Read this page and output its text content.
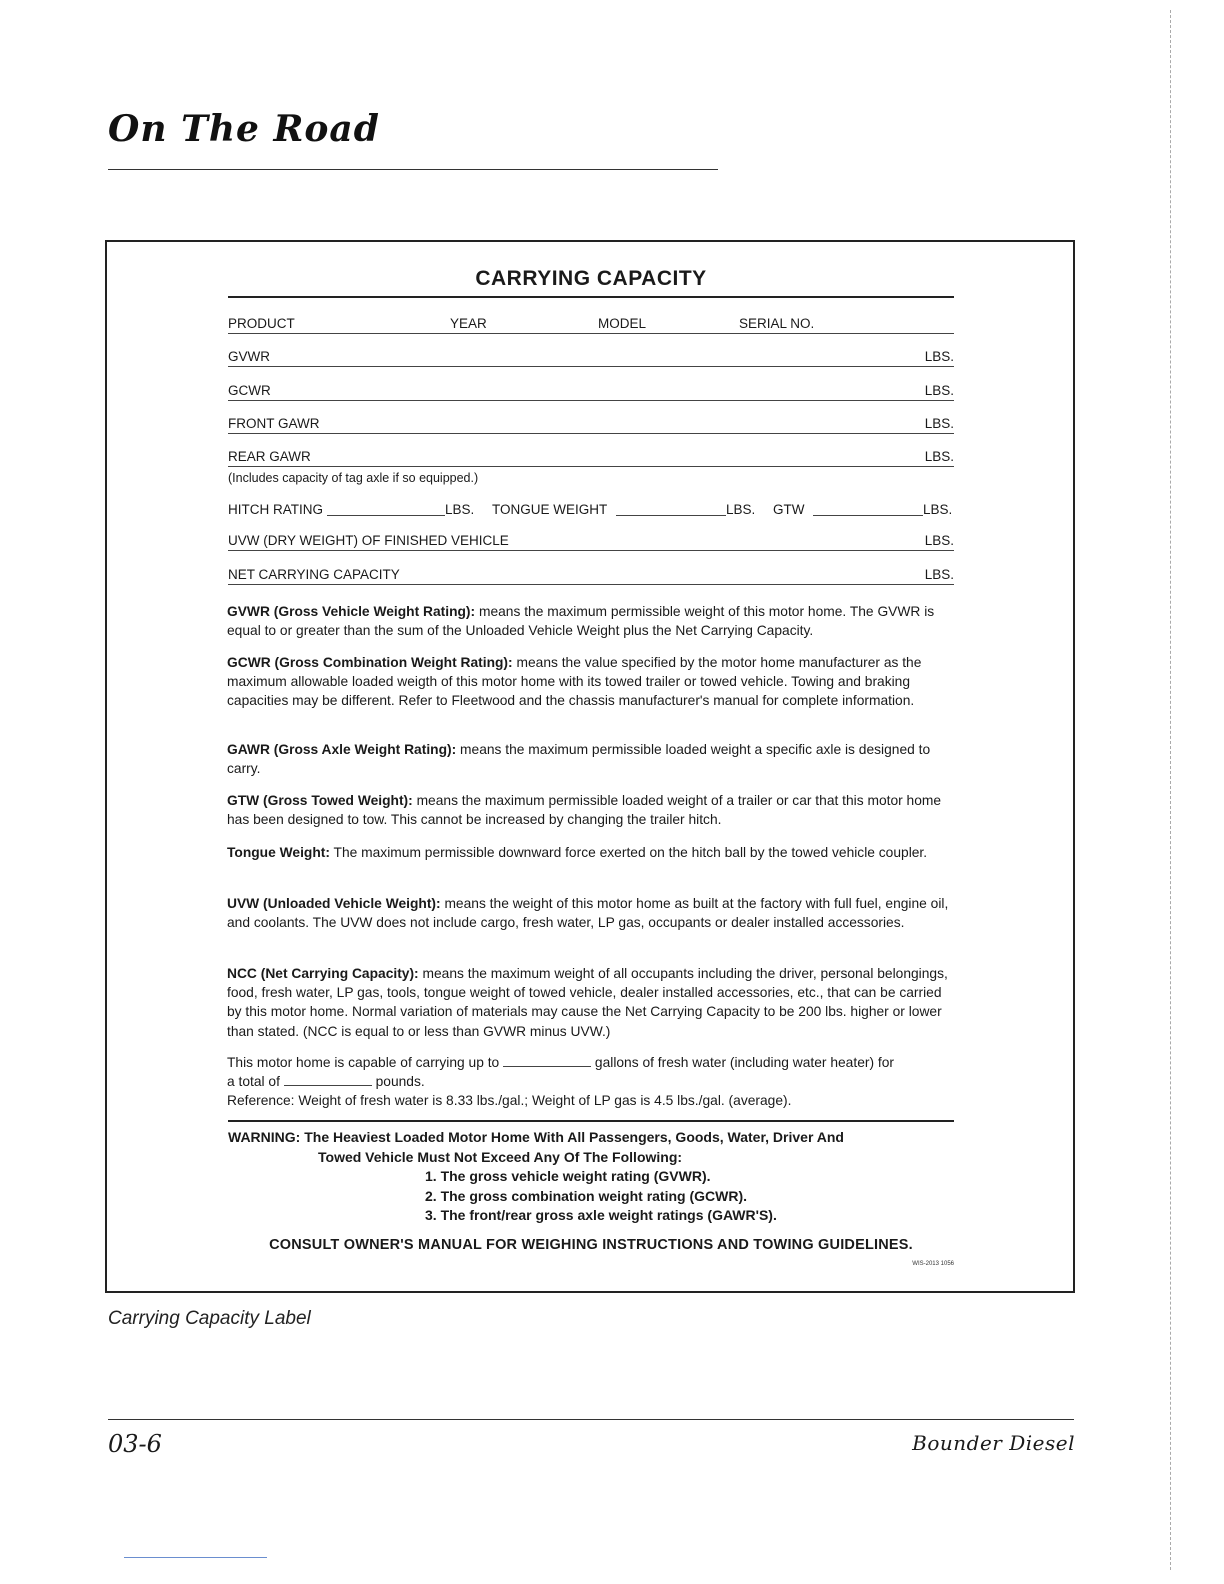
On The Road
CARRYING CAPACITY
PRODUCT	YEAR	MODEL	SERIAL NO.
GVWR	LBS.
GCWR	LBS.
FRONT GAWR	LBS.
REAR GAWR	LBS.
(Includes capacity of tag axle if so equipped.)
HITCH RATING	LBS. TONGUE WEIGHT	LBS. GTW	LBS.
UVW (DRY WEIGHT) OF FINISHED VEHICLE	LBS.
NET CARRYING CAPACITY	LBS.
GVWR (Gross Vehicle Weight Rating): means the maximum permissible weight of this motor home. The GVWR is equal to or greater than the sum of the Unloaded Vehicle Weight plus the Net Carrying Capacity.
GCWR (Gross Combination Weight Rating): means the value specified by the motor home manufacturer as the maximum allowable loaded weigth of this motor home with its towed trailer or towed vehicle. Towing and braking capacities may be different. Refer to Fleetwood and the chassis manufacturer's manual for complete information.
GAWR (Gross Axle Weight Rating): means the maximum permissible loaded weight a specific axle is designed to carry.
GTW (Gross Towed Weight): means the maximum permissible loaded weight of a trailer or car that this motor home has been designed to tow. This cannot be increased by changing the trailer hitch.
Tongue Weight: The maximum permissible downward force exerted on the hitch ball by the towed vehicle coupler.
UVW (Unloaded Vehicle Weight): means the weight of this motor home as built at the factory with full fuel, engine oil, and coolants. The UVW does not include cargo, fresh water, LP gas, occupants or dealer installed accessories.
NCC (Net Carrying Capacity): means the maximum weight of all occupants including the driver, personal belongings, food, fresh water, LP gas, tools, tongue weight of towed vehicle, dealer installed accessories, etc., that can be carried by this motor home. Normal variation of materials may cause the Net Carrying Capacity to be 200 lbs. higher or lower than stated. (NCC is equal to or less than GVWR minus UVW.)
This motor home is capable of carrying up to	gallons of fresh water (including water heater) for
a total of	pounds.
Reference: Weight of fresh water is 8.33 lbs./gal.; Weight of LP gas is 4.5 lbs./gal. (average).
WARNING: The Heaviest Loaded Motor Home With All Passengers, Goods, Water, Driver And
Towed Vehicle Must Not Exceed Any Of The Following:
1. The gross vehicle weight rating (GVWR).
2. The gross combination weight rating (GCWR).
3. The front/rear gross axle weight ratings (GAWR'S).
CONSULT OWNER'S MANUAL FOR WEIGHING INSTRUCTIONS AND TOWING GUIDELINES.
WIS-2013 1056
Carrying Capacity Label
03-6	Bounder Diesel
